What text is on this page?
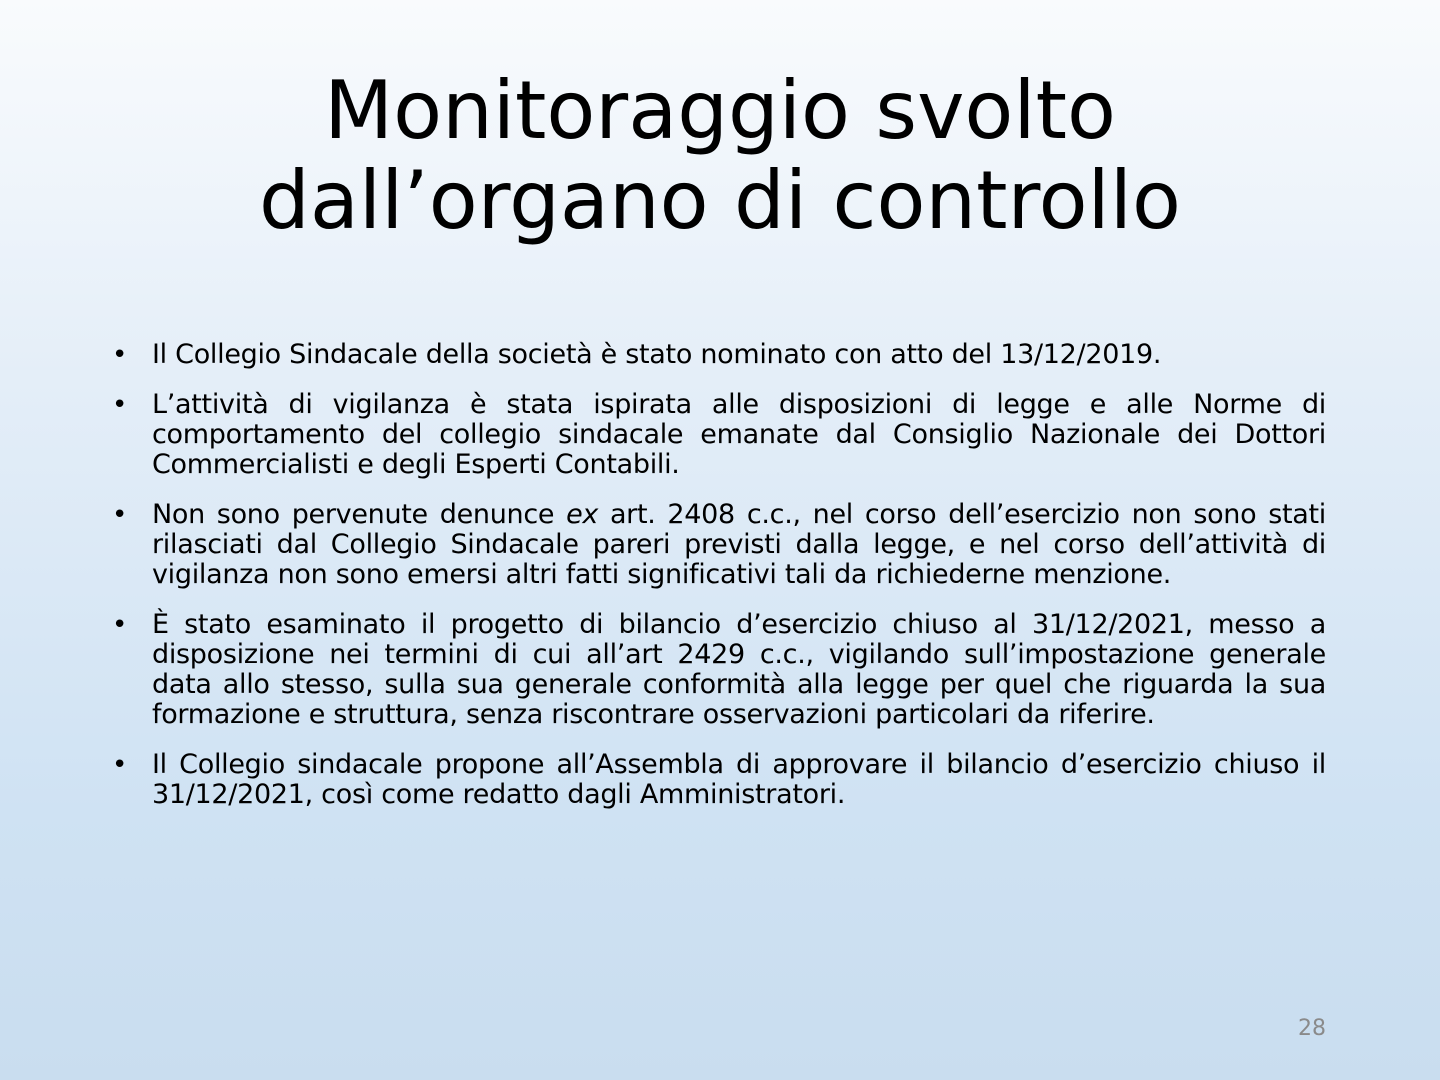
Monitoraggio svolto
dall’organo di controllo
• Il Collegio Sindacale della società è stato nominato con atto del 13/12/2019.
• L’attività di vigilanza è stata ispirata alle disposizioni di legge e alle Norme di comportamento del collegio sindacale emanate dal Consiglio Nazionale dei Dottori Commercialisti e degli Esperti Contabili.
• Non sono pervenute denunce ex art. 2408 c.c., nel corso dell’esercizio non sono stati rilasciati dal Collegio Sindacale pareri previsti dalla legge, e nel corso dell’attività di vigilanza non sono emersi altri fatti significativi tali da richiederne menzione.
• È stato esaminato il progetto di bilancio d’esercizio chiuso al 31/12/2021, messo a disposizione nei termini di cui all’art 2429 c.c., vigilando sull’impostazione generale data allo stesso, sulla sua generale conformità alla legge per quel che riguarda la sua formazione e struttura, senza riscontrare osservazioni particolari da riferire.
• Il Collegio sindacale propone all’Assembla di approvare il bilancio d’esercizio chiuso il 31/12/2021, così come redatto dagli Amministratori.
28
